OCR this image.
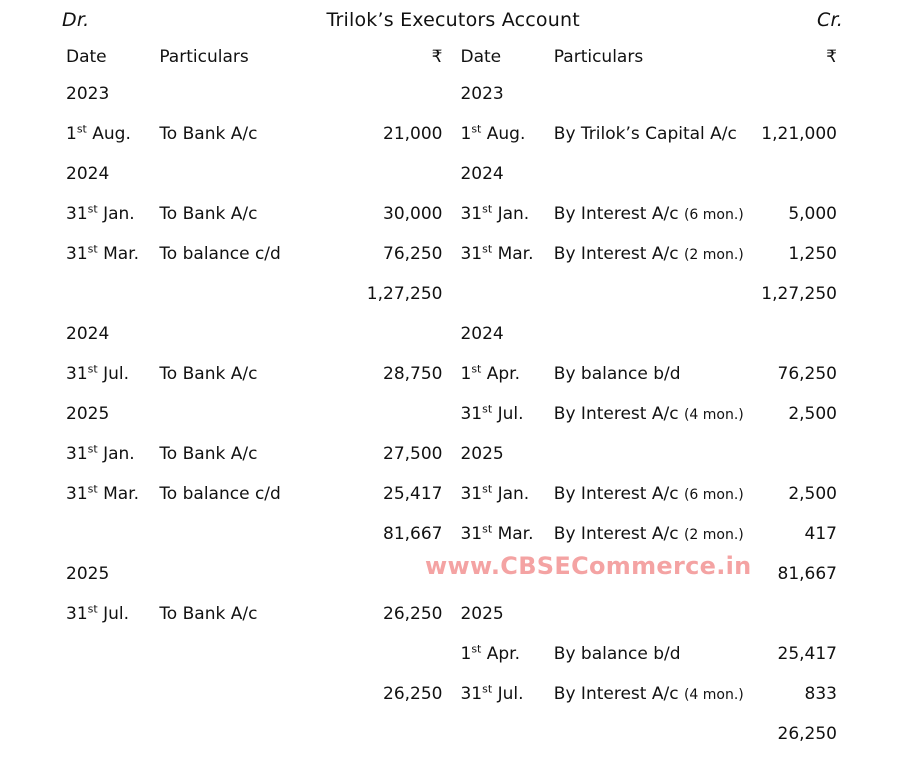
Dr.	Trilok’s Executors Account	Cr.
Date	Particulars	₹	Date	Particulars	₹
2023			2023		
1st Aug.	To Bank A/c	21,000	1st Aug.	By Trilok’s Capital A/c	1,21,000
2024			2024		
31st Jan.	To Bank A/c	30,000	31st Jan.	By Interest A/c (6 mon.)	5,000
31st Mar.	To balance c/d	76,250	31st Mar.	By Interest A/c (2 mon.)	1,250
		1,27,250			1,27,250
2024			2024		
31st Jul.	To Bank A/c	28,750	1st Apr.	By balance b/d	76,250
2025			31st Jul.	By Interest A/c (4 mon.)	2,500
31st Jan.	To Bank A/c	27,500	2025		
31st Mar.	To balance c/d	25,417	31st Jan.	By Interest A/c (6 mon.)	2,500
		81,667	31st Mar.	By Interest A/c (2 mon.)	417
2025					81,667
31st Jul.	To Bank A/c	26,250	2025		
			1st Apr.	By balance b/d	25,417
		26,250	31st Jul.	By Interest A/c (4 mon.)	833
					26,250

www.CBSECommerce.in
